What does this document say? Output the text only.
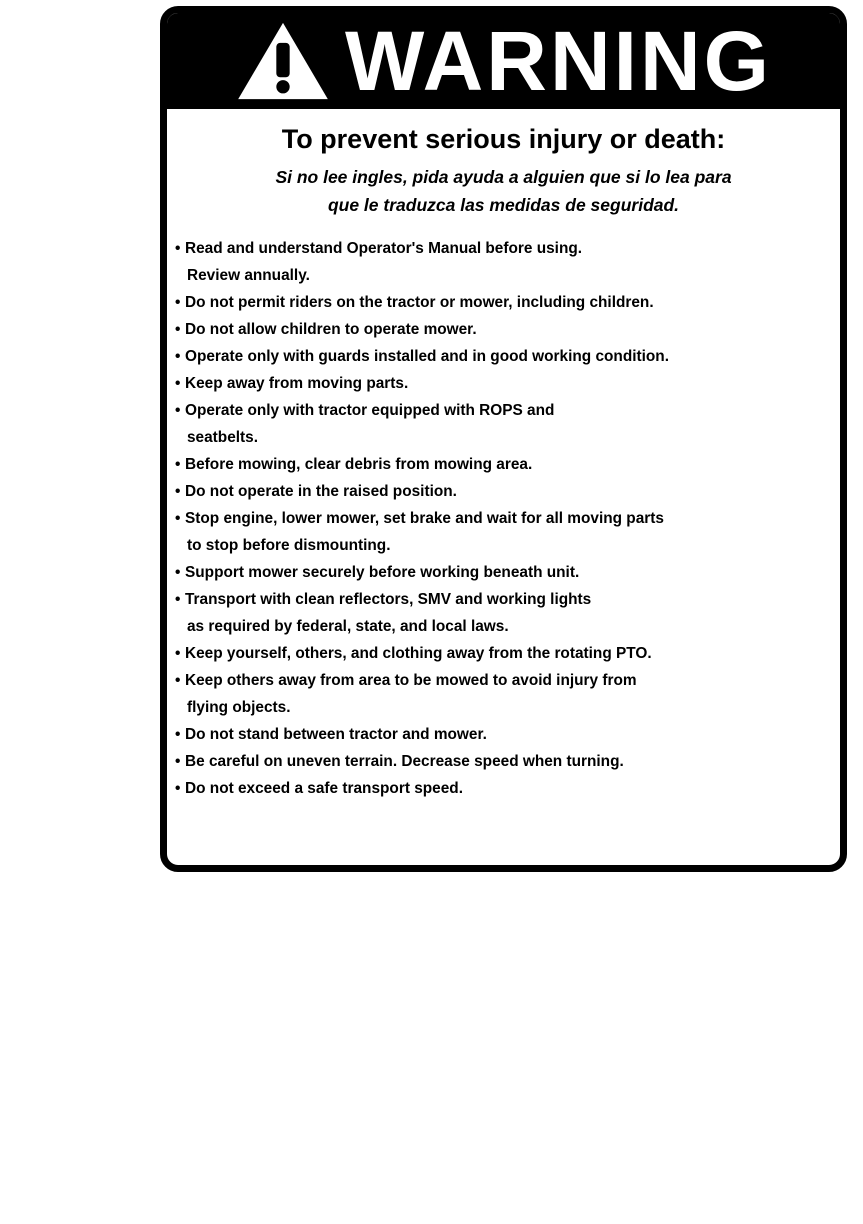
WARNING
To prevent serious injury or death:
Si no lee ingles, pida ayuda a alguien que si lo lea para
que le traduzca las medidas de seguridad.
• Read and understand Operator's Manual before using.
Review annually.
• Do not permit riders on the tractor or mower, including children.
• Do not allow children to operate mower.
• Operate only with guards installed and in good working condition.
• Keep away from moving parts.
• Operate only with tractor equipped with ROPS and
seatbelts.
• Before mowing, clear debris from mowing area.
• Do not operate in the raised position.
• Stop engine, lower mower, set brake and wait for all moving parts
to stop before dismounting.
• Support mower securely before working beneath unit.
• Transport with clean reflectors, SMV and working lights
as required by federal, state, and local laws.
• Keep yourself, others, and clothing away from the rotating PTO.
• Keep others away from area to be mowed to avoid injury from
flying objects.
• Do not stand between tractor and mower.
• Be careful on uneven terrain. Decrease speed when turning.
• Do not exceed a safe transport speed.
